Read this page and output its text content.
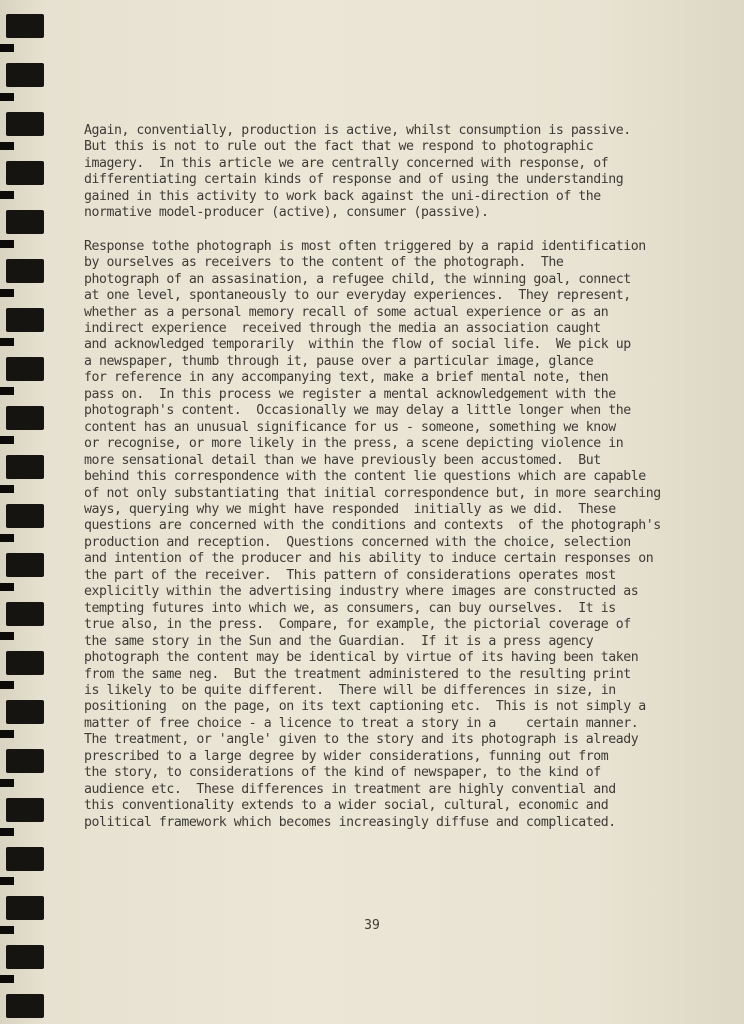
Again, conventially, production is active, whilst consumption is passive.

But this is not to rule out the fact that we respond to photographic

imagery.  In this article we are centrally concerned with response, of

differentiating certain kinds of response and of using the understanding

gained in this activity to work back against the uni-direction of the

normative model-producer (active), consumer (passive).

Response tothe photograph is most often triggered by a rapid identification

by ourselves as receivers to the content of the photograph.  The

photograph of an assasination, a refugee child, the winning goal, connect

at one level, spontaneously to our everyday experiences.  They represent,

whether as a personal memory recall of some actual experience or as an

indirect experience  received through the media an association caught

and acknowledged temporarily  within the flow of social life.  We pick up

a newspaper, thumb through it, pause over a particular image, glance

for reference in any accompanying text, make a brief mental note, then

pass on.  In this process we register a mental acknowledgement with the

photograph's content.  Occasionally we may delay a little longer when the

content has an unusual significance for us - someone, something we know

or recognise, or more likely in the press, a scene depicting violence in

more sensational detail than we have previously been accustomed.  But

behind this correspondence with the content lie questions which are capable

of not only substantiating that initial correspondence but, in more searching

ways, querying why we might have responded  initially as we did.  These

questions are concerned with the conditions and contexts  of the photograph's

production and reception.  Questions concerned with the choice, selection

and intention of the producer and his ability to induce certain responses on

the part of the receiver.  This pattern of considerations operates most

explicitly within the advertising industry where images are constructed as

tempting futures into which we, as consumers, can buy ourselves.  It is

true also, in the press.  Compare, for example, the pictorial coverage of

the same story in the Sun and the Guardian.  If it is a press agency

photograph the content may be identical by virtue of its having been taken

from the same neg.  But the treatment administered to the resulting print

is likely to be quite different.  There will be differences in size, in

positioning  on the page, on its text captioning etc.  This is not simply a

matter of free choice - a licence to treat a story in a    certain manner.

The treatment, or 'angle' given to the story and its photograph is already

prescribed to a large degree by wider considerations, funning out from

the story, to considerations of the kind of newspaper, to the kind of

audience etc.  These differences in treatment are highly convential and

this conventionality extends to a wider social, cultural, economic and

political framework which becomes increasingly diffuse and complicated.

39
